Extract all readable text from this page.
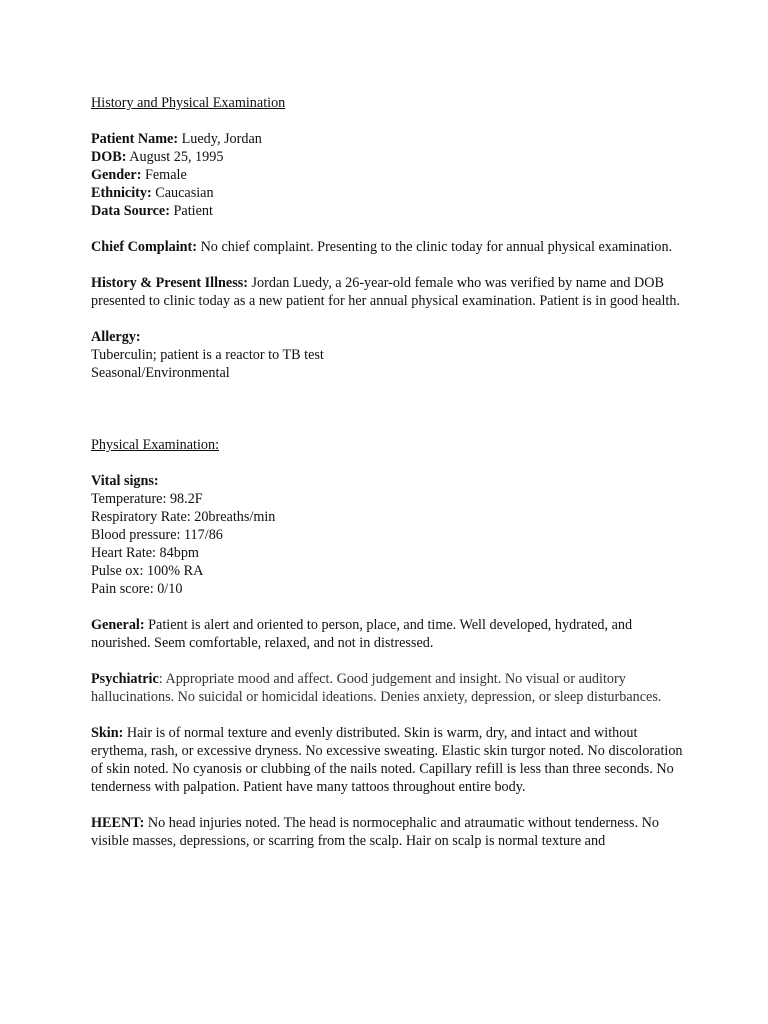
History and Physical Examination

Patient Name: Luedy, Jordan

DOB: August 25, 1995

Gender: Female

Ethnicity: Caucasian

Data Source: Patient

Chief Complaint: No chief complaint. Presenting to the clinic today for annual physical examination.

History & Present Illness: Jordan Luedy, a 26-year-old female who was verified by name and DOB presented to clinic today as a new patient for her annual physical examination. Patient is in good health.

Allergy:

Tuberculin; patient is a reactor to TB test

Seasonal/Environmental

Physical Examination:

Vital signs:

Temperature: 98.2F

Respiratory Rate: 20breaths/min

Blood pressure: 117/86

Heart Rate: 84bpm

Pulse ox: 100% RA

Pain score: 0/10

General: Patient is alert and oriented to person, place, and time. Well developed, hydrated, and nourished. Seem comfortable, relaxed, and not in distressed.

Psychiatric: Appropriate mood and affect. Good judgement and insight. No visual or auditory hallucinations. No suicidal or homicidal ideations. Denies anxiety, depression, or sleep disturbances.

Skin: Hair is of normal texture and evenly distributed. Skin is warm, dry, and intact and without erythema, rash, or excessive dryness. No excessive sweating. Elastic skin turgor noted. No discoloration of skin noted. No cyanosis or clubbing of the nails noted. Capillary refill is less than three seconds. No tenderness with palpation. Patient have many tattoos throughout entire body.

HEENT: No head injuries noted. The head is normocephalic and atraumatic without tenderness. No visible masses, depressions, or scarring from the scalp. Hair on scalp is normal texture and
